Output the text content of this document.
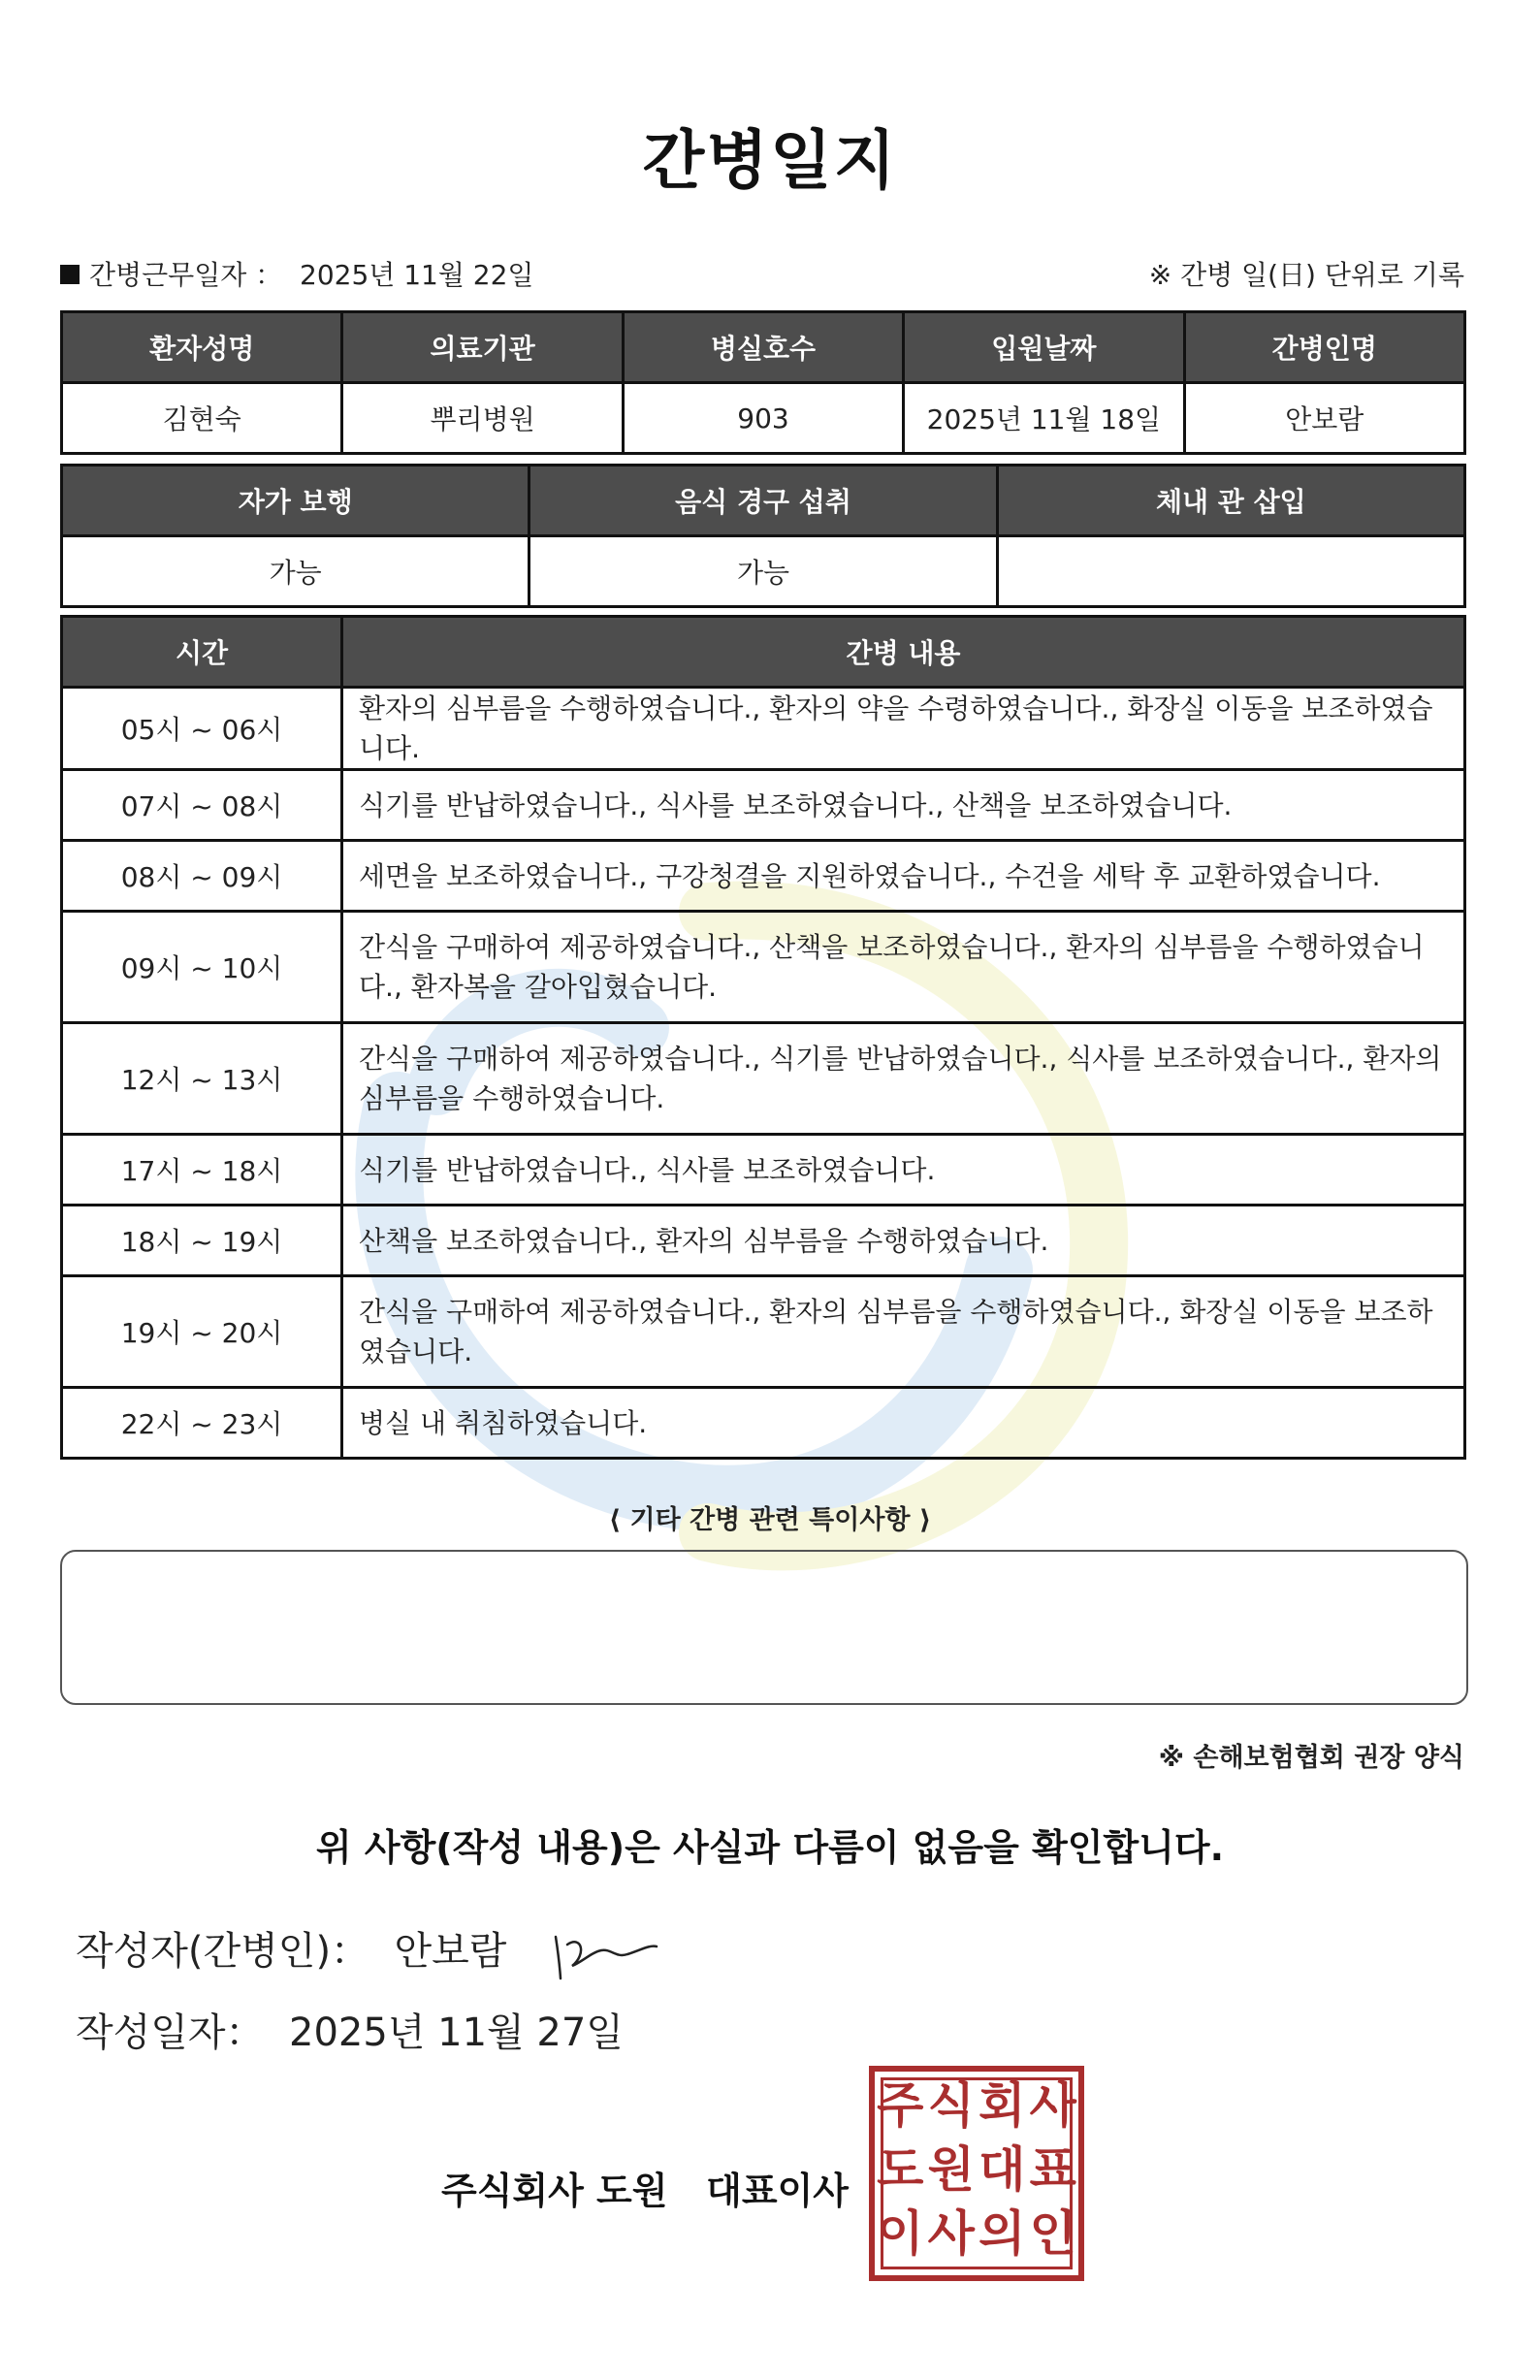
간병일지
간병근무일자 ： 2025년 11월 22일	※ 간병 일(日) 단위로 기록
환자성명	의료기관	병실호수	입원날짜	간병인명
김현숙	뿌리병원	903	2025년 11월 18일	안보람
자가 보행	음식 경구 섭취	체내 관 삽입
가능	가능	
시간	간병 내용
05시 ~ 06시	환자의 심부름을 수행하였습니다., 환자의 약을 수령하였습니다., 화장실 이동을 보조하였습니다.
07시 ~ 08시	식기를 반납하였습니다., 식사를 보조하였습니다., 산책을 보조하였습니다.
08시 ~ 09시	세면을 보조하였습니다., 구강청결을 지원하였습니다., 수건을 세탁 후 교환하였습니다.
09시 ~ 10시	간식을 구매하여 제공하였습니다., 산책을 보조하였습니다., 환자의 심부름을 수행하였습니다., 환자복을 갈아입혔습니다.
12시 ~ 13시	간식을 구매하여 제공하였습니다., 식기를 반납하였습니다., 식사를 보조하였습니다., 환자의 심부름을 수행하였습니다.
17시 ~ 18시	식기를 반납하였습니다., 식사를 보조하였습니다.
18시 ~ 19시	산책을 보조하였습니다., 환자의 심부름을 수행하였습니다.
19시 ~ 20시	간식을 구매하여 제공하였습니다., 환자의 심부름을 수행하였습니다., 화장실 이동을 보조하였습니다.
22시 ~ 23시	병실 내 취침하였습니다.
⟨ 기타 간병 관련 특이사항 ⟩
※ 손해보험협회 권장 양식
위 사항(작성 내용)은 사실과 다름이 없음을 확인합니다.
작성자(간병인)： 안보람
작성일자： 2025년 11월 27일
주식회사 도원   대표이사
주 식 회 사
도 원 대 표
이 사 의 인
